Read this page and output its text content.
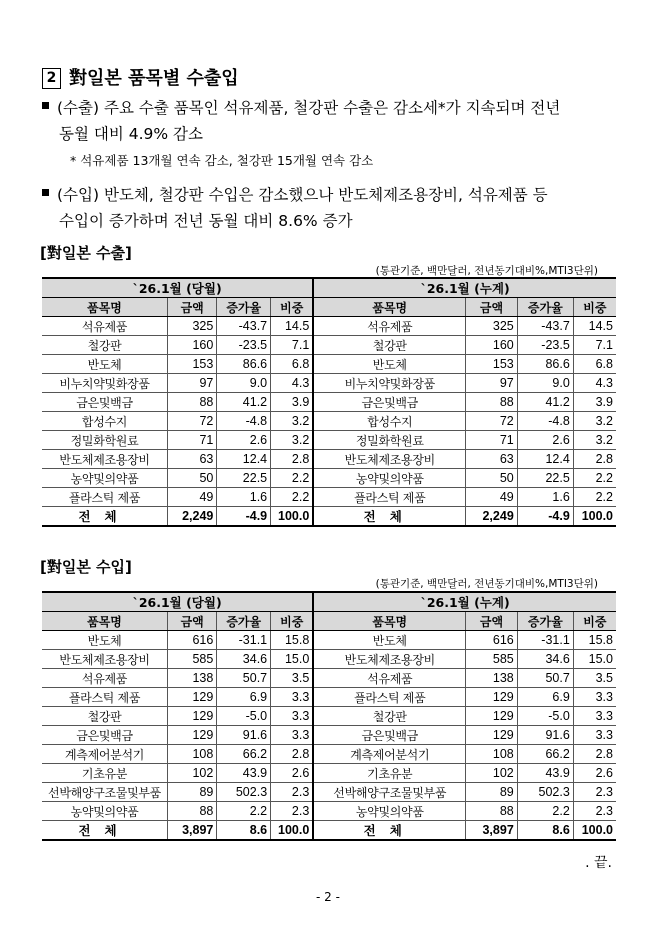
2 對일본 품목별 수출입
(수출) 주요 수출 품목인 석유제품, 철강판 수출은 감소세*가 지속되며 전년
동월 대비 4.9% 감소
* 석유제품 13개월 연속 감소, 철강판 15개월 연속 감소
(수입) 반도체, 철강판 수입은 감소했으나 반도체제조용장비, 석유제품 등
수입이 증가하며 전년 동월 대비 8.6% 증가
[對일본 수출]
(통관기준, 백만달러, 전년동기대비%,MTI3단위)
`26.1월 (당월)				`26.1월 (누계)			
품목명	금액	증가율	비중	품목명	금액	증가율	비중
석유제품	325	-43.7	14.5	석유제품	325	-43.7	14.5
철강판	160	-23.5	7.1	철강판	160	-23.5	7.1
반도체	153	86.6	6.8	반도체	153	86.6	6.8
비누치약및화장품	97	9.0	4.3	비누치약및화장품	97	9.0	4.3
금은및백금	88	41.2	3.9	금은및백금	88	41.2	3.9
합성수지	72	-4.8	3.2	합성수지	72	-4.8	3.2
정밀화학원료	71	2.6	3.2	정밀화학원료	71	2.6	3.2
반도체제조용장비	63	12.4	2.8	반도체제조용장비	63	12.4	2.8
농약및의약품	50	22.5	2.2	농약및의약품	50	22.5	2.2
플라스틱 제품	49	1.6	2.2	플라스틱 제품	49	1.6	2.2
전체	2,249	-4.9	100.0	전체	2,249	-4.9	100.0
[對일본 수입]
(통관기준, 백만달러, 전년동기대비%,MTI3단위)
`26.1월 (당월)				`26.1월 (누계)			
품목명	금액	증가율	비중	품목명	금액	증가율	비중
반도체	616	-31.1	15.8	반도체	616	-31.1	15.8
반도체제조용장비	585	34.6	15.0	반도체제조용장비	585	34.6	15.0
석유제품	138	50.7	3.5	석유제품	138	50.7	3.5
플라스틱 제품	129	6.9	3.3	플라스틱 제품	129	6.9	3.3
철강판	129	-5.0	3.3	철강판	129	-5.0	3.3
금은및백금	129	91.6	3.3	금은및백금	129	91.6	3.3
계측제어분석기	108	66.2	2.8	계측제어분석기	108	66.2	2.8
기초유분	102	43.9	2.6	기초유분	102	43.9	2.6
선박해양구조물및부품	89	502.3	2.3	선박해양구조물및부품	89	502.3	2.3
농약및의약품	88	2.2	2.3	농약및의약품	88	2.2	2.3
전체	3,897	8.6	100.0	전체	3,897	8.6	100.0
. 끝.
- 2 -
